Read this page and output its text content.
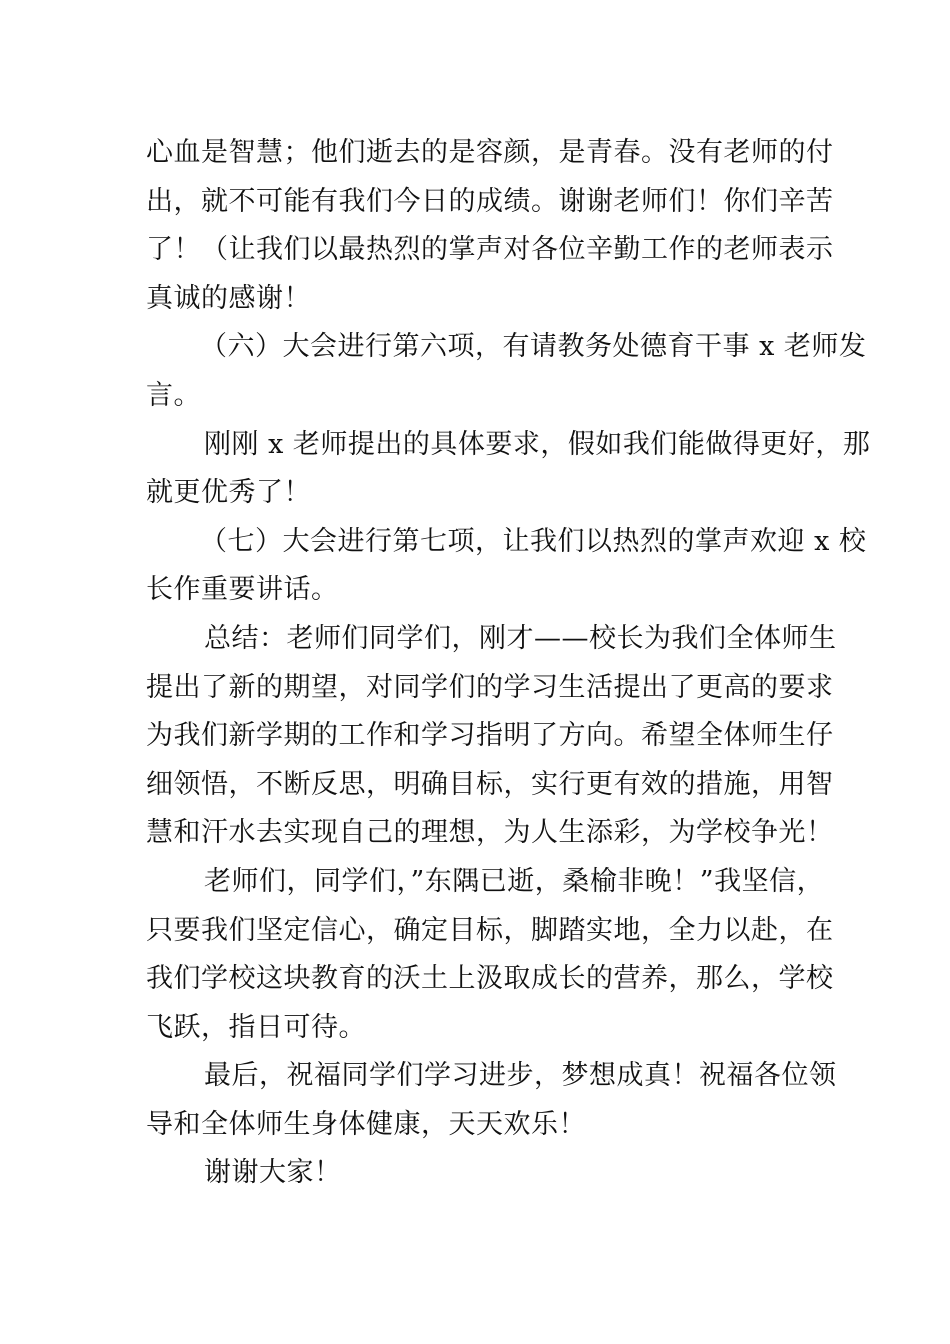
心血是智慧；他们逝去的是容颜，是青春。没有老师的付
出，就不可能有我们今日的成绩。谢谢老师们！你们辛苦
了！（让我们以最热烈的掌声对各位辛勤工作的老师表示
真诚的感谢！
（六）大会进行第六项，有请教务处德育干事 x 老师发
言。
刚刚 x 老师提出的具体要求，假如我们能做得更好，那
就更优秀了！
（七）大会进行第七项，让我们以热烈的掌声欢迎 x 校
长作重要讲话。
总结：老师们同学们，刚才——校长为我们全体师生
提出了新的期望，对同学们的学习生活提出了更高的要求
为我们新学期的工作和学习指明了方向。希望全体师生仔
细领悟，不断反思，明确目标，实行更有效的措施，用智
慧和汗水去实现自己的理想，为人生添彩，为学校争光！
老师们，同学们，”东隅已逝，桑榆非晚！”我坚信，
只要我们坚定信心，确定目标，脚踏实地，全力以赴，在
我们学校这块教育的沃土上汲取成长的营养，那么，学校
飞跃，指日可待。
最后，祝福同学们学习进步，梦想成真！祝福各位领
导和全体师生身体健康，天天欢乐！
谢谢大家！
